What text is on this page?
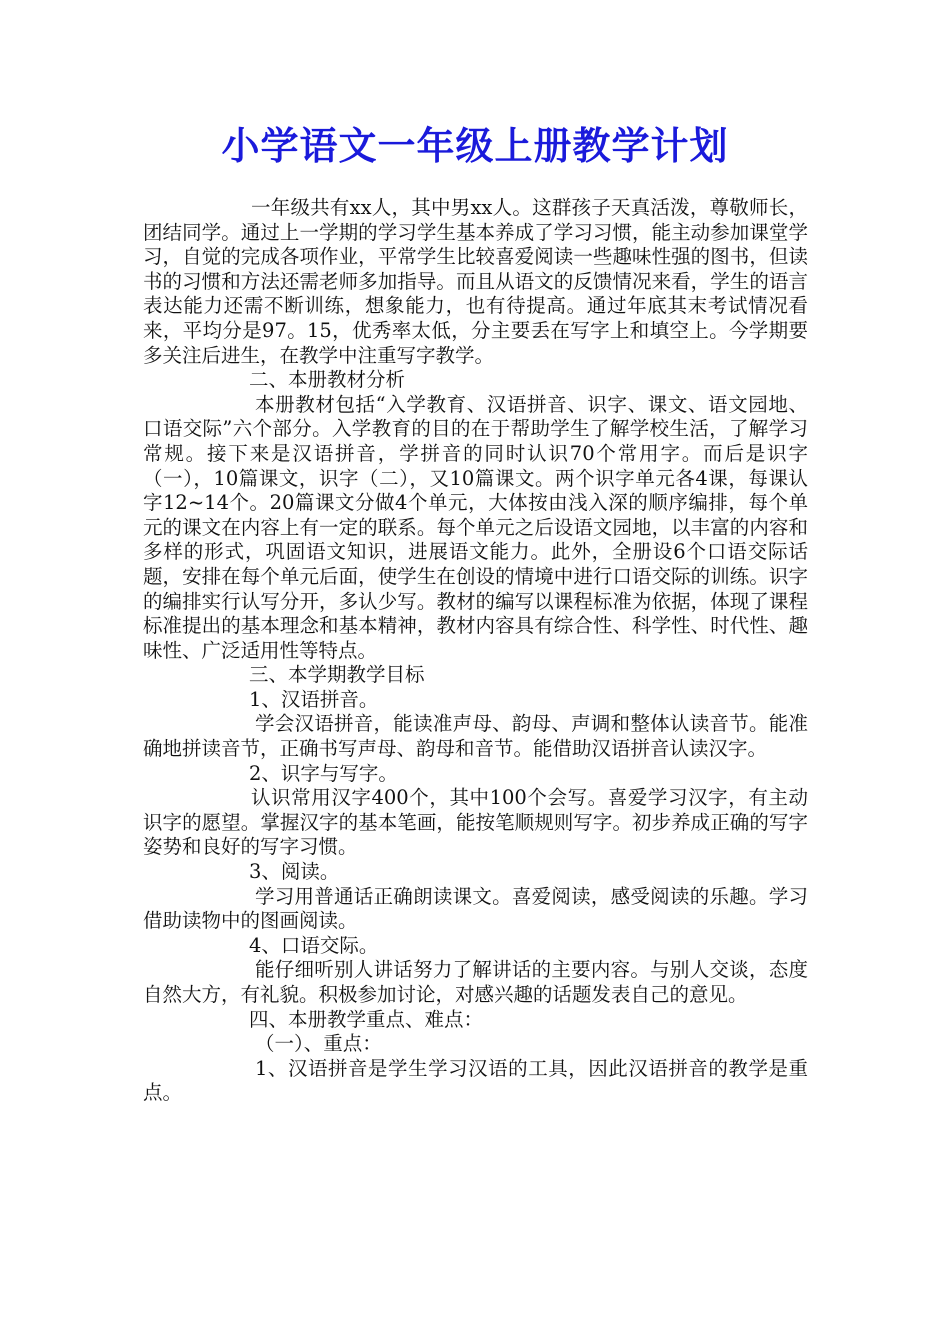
小学语文一年级上册教学计划

一年级共有xx人，其中男xx人。这群孩子天真活泼，尊敬师长，团结同学。通过上一学期的学习学生基本养成了学习习惯，能主动参加课堂学习，自觉的完成各项作业，平常学生比较喜爱阅读一些趣味性强的图书，但读书的习惯和方法还需老师多加指导。而且从语文的反馈情况来看，学生的语言表达能力还需不断训练，想象能力，也有待提高。通过年底其末考试情况看来，平均分是97。15，优秀率太低，分主要丢在写字上和填空上。今学期要多关注后进生，在教学中注重写字教学。

二、本册教材分析

本册教材包括“入学教育、汉语拼音、识字、课文、语文园地、口语交际”六个部分。入学教育的目的在于帮助学生了解学校生活，了解学习常规。接下来是汉语拼音，学拼音的同时认识70个常用字。而后是识字（一），10篇课文，识字（二），又10篇课文。两个识字单元各4课，每课认字12~14个。20篇课文分做4个单元，大体按由浅入深的顺序编排，每个单元的课文在内容上有一定的联系。每个单元之后设语文园地，以丰富的内容和多样的形式，巩固语文知识，进展语文能力。此外，全册设6个口语交际话题，安排在每个单元后面，使学生在创设的情境中进行口语交际的训练。识字的编排实行认写分开，多认少写。教材的编写以课程标准为依据，体现了课程标准提出的基本理念和基本精神，教材内容具有综合性、科学性、时代性、趣味性、广泛适用性等特点。

三、本学期教学目标

1、汉语拼音。

学会汉语拼音，能读准声母、韵母、声调和整体认读音节。能准确地拼读音节，正确书写声母、韵母和音节。能借助汉语拼音认读汉字。

2、识字与写字。

认识常用汉字400个，其中100个会写。喜爱学习汉字，有主动识字的愿望。掌握汉字的基本笔画，能按笔顺规则写字。初步养成正确的写字姿势和良好的写字习惯。

3、阅读。

学习用普通话正确朗读课文。喜爱阅读，感受阅读的乐趣。学习借助读物中的图画阅读。

4、口语交际。

能仔细听别人讲话努力了解讲话的主要内容。与别人交谈，态度自然大方，有礼貌。积极参加讨论，对感兴趣的话题发表自己的意见。

四、本册教学重点、难点：

（一）、重点：

1、汉语拼音是学生学习汉语的工具，因此汉语拼音的教学是重点。
